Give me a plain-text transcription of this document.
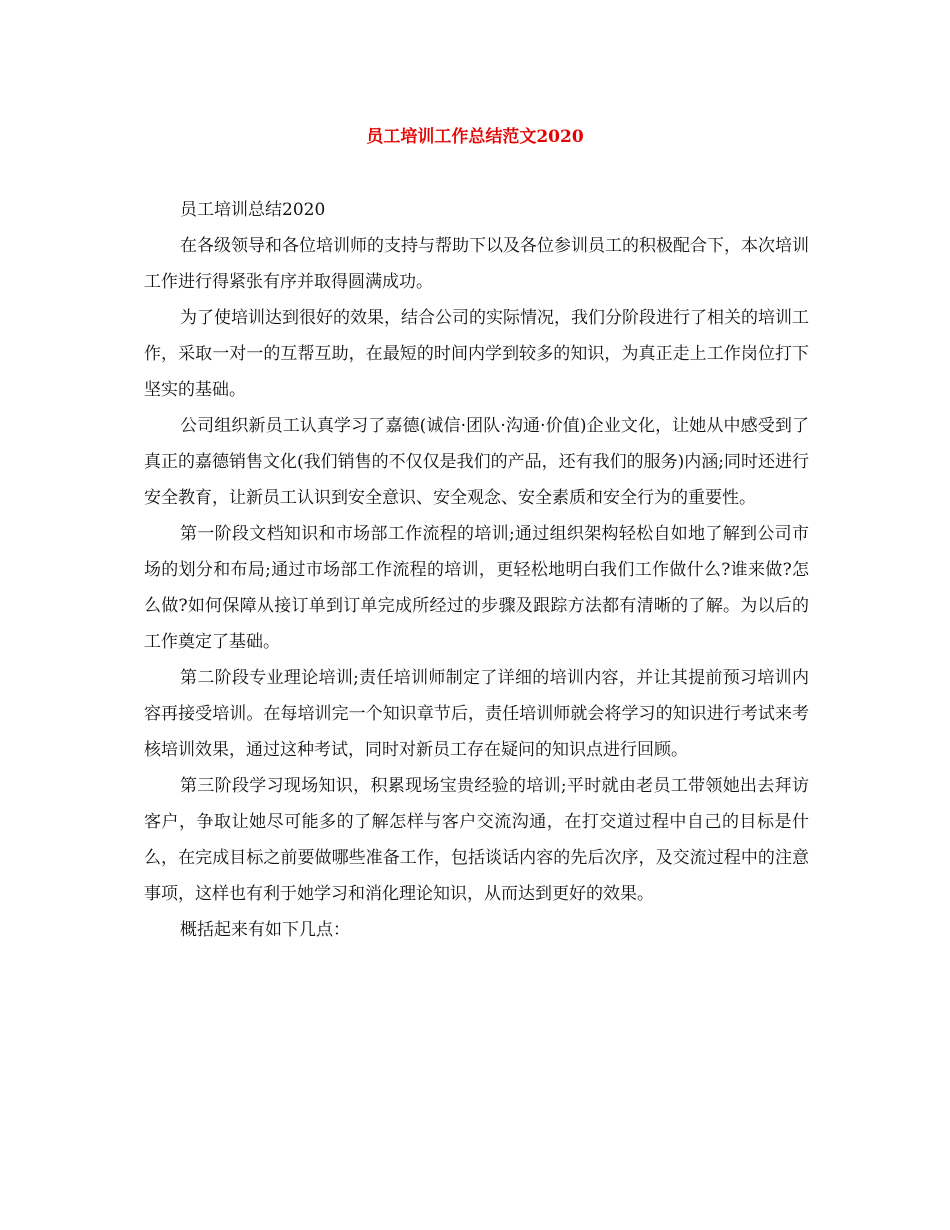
员工培训工作总结范文2020

员工培训总结2020

在各级领导和各位培训师的支持与帮助下以及各位参训员工的积极配合下，本次培训工作进行得紧张有序并取得圆满成功。

为了使培训达到很好的效果，结合公司的实际情况，我们分阶段进行了相关的培训工作，采取一对一的互帮互助，在最短的时间内学到较多的知识，为真正走上工作岗位打下坚实的基础。

公司组织新员工认真学习了嘉德(诚信·团队·沟通·价值)企业文化，让她从中感受到了真正的嘉德销售文化(我们销售的不仅仅是我们的产品，还有我们的服务)内涵;同时还进行安全教育，让新员工认识到安全意识、安全观念、安全素质和安全行为的重要性。

第一阶段文档知识和市场部工作流程的培训;通过组织架构轻松自如地了解到公司市场的划分和布局;通过市场部工作流程的培训，更轻松地明白我们工作做什么?谁来做?怎么做?如何保障从接订单到订单完成所经过的步骤及跟踪方法都有清晰的了解。为以后的工作奠定了基础。

第二阶段专业理论培训;责任培训师制定了详细的培训内容，并让其提前预习培训内容再接受培训。在每培训完一个知识章节后，责任培训师就会将学习的知识进行考试来考核培训效果，通过这种考试，同时对新员工存在疑问的知识点进行回顾。

第三阶段学习现场知识，积累现场宝贵经验的培训;平时就由老员工带领她出去拜访客户，争取让她尽可能多的了解怎样与客户交流沟通，在打交道过程中自己的目标是什么，在完成目标之前要做哪些准备工作，包括谈话内容的先后次序，及交流过程中的注意事项，这样也有利于她学习和消化理论知识，从而达到更好的效果。

概括起来有如下几点：
